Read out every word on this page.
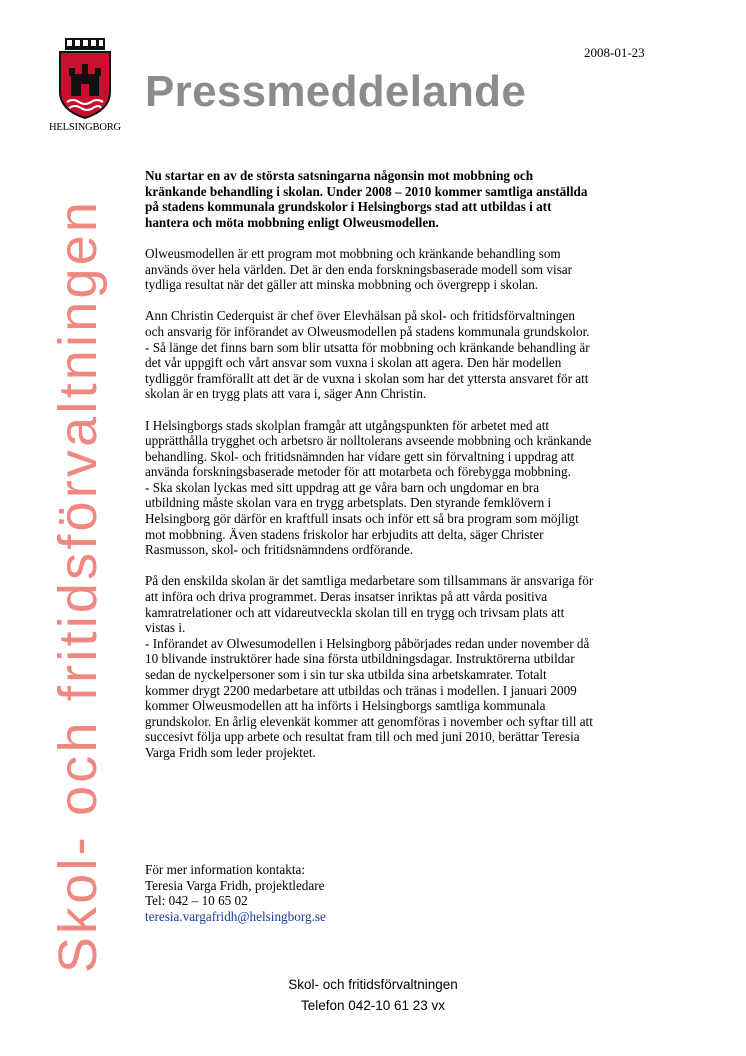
HELSINGBORG
2008-01-23
Pressmeddelande
Skol- och fritidsförvaltningen

Nu startar en av de största satsningarna någonsin mot mobbning och
kränkande behandling i skolan. Under 2008 – 2010 kommer samtliga anställda
på stadens kommunala grundskolor i Helsingborgs stad att utbildas i att
hantera och möta mobbning enligt Olweusmodellen.

Olweusmodellen är ett program mot mobbning och kränkande behandling som
används över hela världen. Det är den enda forskningsbaserade modell som visar
tydliga resultat när det gäller att minska mobbning och övergrepp i skolan.

Ann Christin Cederquist är chef över Elevhälsan på skol- och fritidsförvaltningen
och ansvarig för införandet av Olweusmodellen på stadens kommunala grundskolor.
- Så länge det finns barn som blir utsatta för mobbning och kränkande behandling är
det vår uppgift och vårt ansvar som vuxna i skolan att agera. Den här modellen
tydliggör framförallt att det är de vuxna i skolan som har det yttersta ansvaret för att
skolan är en trygg plats att vara i, säger Ann Christin.

I Helsingborgs stads skolplan framgår att utgångspunkten för arbetet med att
upprätthålla trygghet och arbetsro är nolltolerans avseende mobbning och kränkande
behandling. Skol- och fritidsnämnden har vidare gett sin förvaltning i uppdrag att
använda forskningsbaserade metoder för att motarbeta och förebygga mobbning.
- Ska skolan lyckas med sitt uppdrag att ge våra barn och ungdomar en bra
utbildning måste skolan vara en trygg arbetsplats. Den styrande femklövern i
Helsingborg gör därför en kraftfull insats och inför ett så bra program som möjligt
mot mobbning. Även stadens friskolor har erbjudits att delta, säger Christer
Rasmusson, skol- och fritidsnämndens ordförande.

På den enskilda skolan är det samtliga medarbetare som tillsammans är ansvariga för
att införa och driva programmet. Deras insatser inriktas på att vårda positiva
kamratrelationer och att vidareutveckla skolan till en trygg och trivsam plats att
vistas i.
- Införandet av Olwesumodellen i Helsingborg påbörjades redan under november då
10 blivande instruktörer hade sina första utbildningsdagar. Instruktörerna utbildar
sedan de nyckelpersoner som i sin tur ska utbilda sina arbetskamrater. Totalt
kommer drygt 2200 medarbetare att utbildas och tränas i modellen. I januari 2009
kommer Olweusmodellen att ha införts i Helsingborgs samtliga kommunala
grundskolor. En årlig elevenkät kommer att genomföras i november och syftar till att
succesivt följa upp arbete och resultat fram till och med juni 2010, berättar Teresia
Varga Fridh som leder projektet.

För mer information kontakta:
Teresia Varga Fridh, projektledare
Tel: 042 – 10 65 02
teresia.vargafridh@helsingborg.se
Skol- och fritidsförvaltningen
Telefon 042-10 61 23 vx
